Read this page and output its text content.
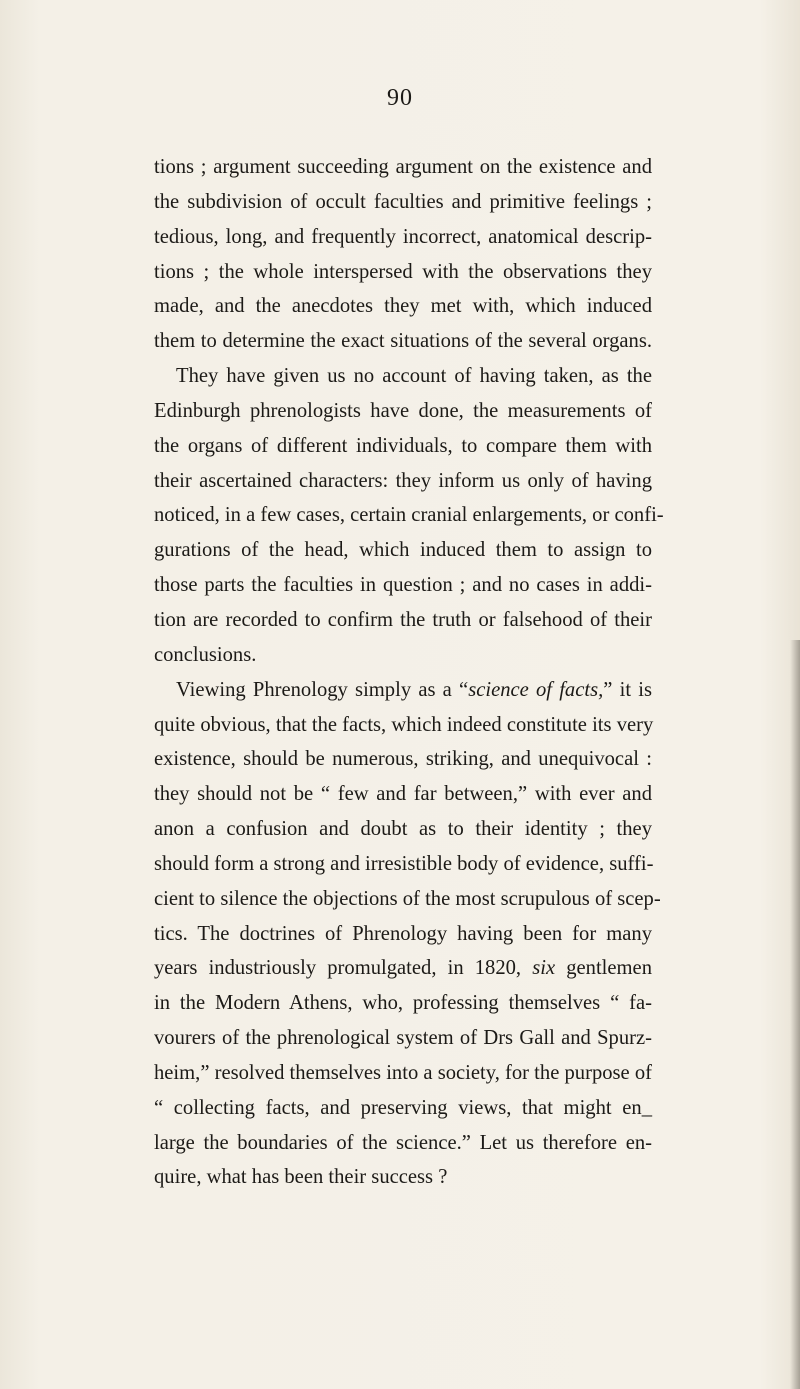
90
tions ; argument succeeding argument on the existence and
the subdivision of occult faculties and primitive feelings ;
tedious, long, and frequently incorrect, anatomical descrip-
tions ; the whole interspersed with the observations they
made, and the anecdotes they met with, which induced
them to determine the exact situations of the several organs.
They have given us no account of having taken, as the
Edinburgh phrenologists have done, the measurements of
the organs of different individuals, to compare them with
their ascertained characters: they inform us only of having
noticed, in a few cases, certain cranial enlargements, or confi-
gurations of the head, which induced them to assign to
those parts the faculties in question ; and no cases in addi-
tion are recorded to confirm the truth or falsehood of their
conclusions.
Viewing Phrenology simply as a “science of facts,” it is
quite obvious, that the facts, which indeed constitute its very
existence, should be numerous, striking, and unequivocal :
they should not be “ few and far between,” with ever and
anon a confusion and doubt as to their identity ; they
should form a strong and irresistible body of evidence, suffi-
cient to silence the objections of the most scrupulous of scep-
tics. The doctrines of Phrenology having been for many
years industriously promulgated, in 1820, six gentlemen
in the Modern Athens, who, professing themselves “ fa-
vourers of the phrenological system of Drs Gall and Spurz-
heim,” resolved themselves into a society, for the purpose of
“ collecting facts, and preserving views, that might en_
large the boundaries of the science.” Let us therefore en-
quire, what has been their success ?
